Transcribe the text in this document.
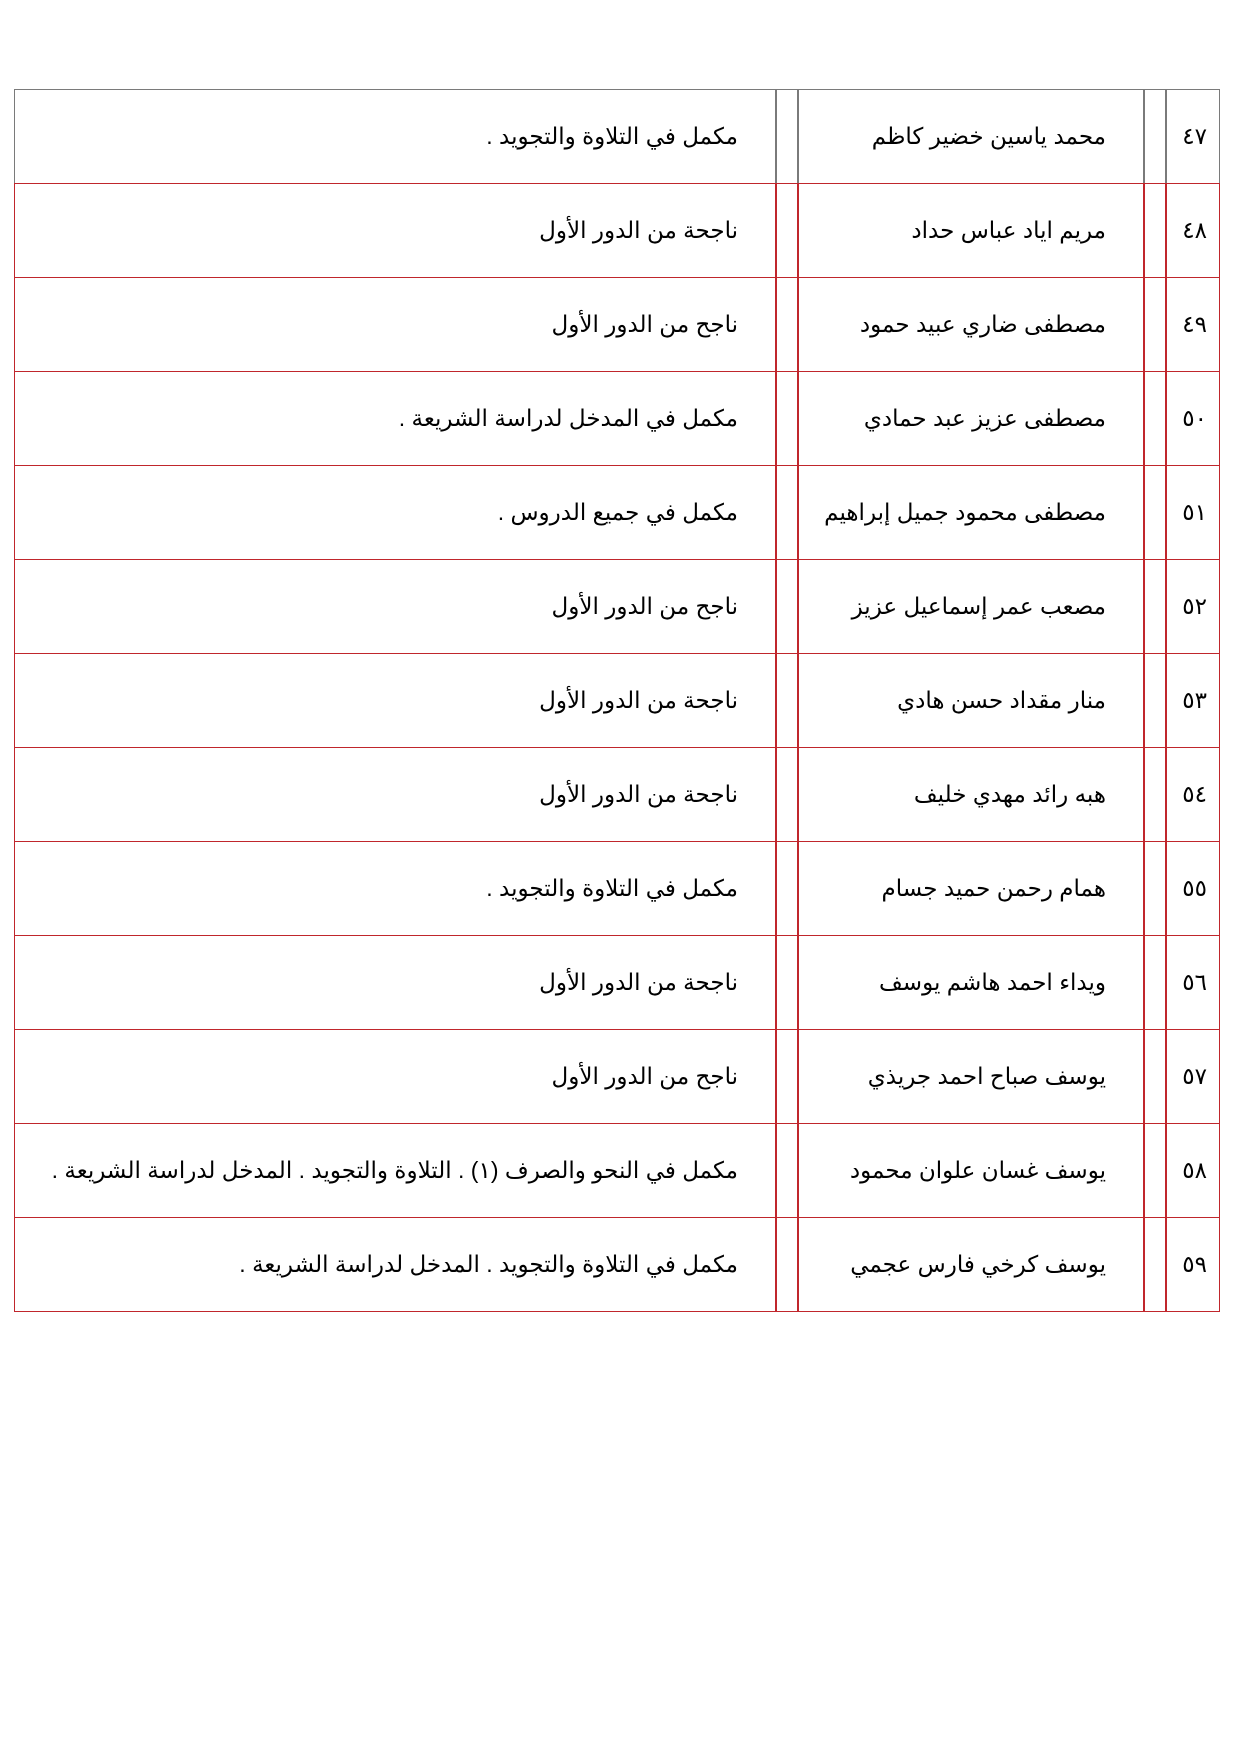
مكمل في التلاوة والتجويد .	محمد ياسين خضير كاظم	٤٧
ناجحة من الدور الأول	مريم اياد عباس حداد	٤٨
ناجح من الدور الأول	مصطفى ضاري عبيد حمود	٤٩
مكمل في المدخل لدراسة الشريعة .	مصطفى عزيز عبد حمادي	٥٠
مكمل في جميع الدروس .	مصطفى محمود جميل إبراهيم	٥١
ناجح من الدور الأول	مصعب عمر إسماعيل عزيز	٥٢
ناجحة من الدور الأول	منار مقداد حسن هادي	٥٣
ناجحة من الدور الأول	هبه رائد مهدي خليف	٥٤
مكمل في التلاوة والتجويد .	همام رحمن حميد جسام	٥٥
ناجحة من الدور الأول	ويداء احمد هاشم يوسف	٥٦
ناجح من الدور الأول	يوسف صباح احمد جريذي	٥٧
مكمل في النحو والصرف (١) . التلاوة والتجويد . المدخل لدراسة الشريعة .	يوسف غسان علوان محمود	٥٨
مكمل في التلاوة والتجويد . المدخل لدراسة الشريعة .	يوسف كرخي فارس عجمي	٥٩
